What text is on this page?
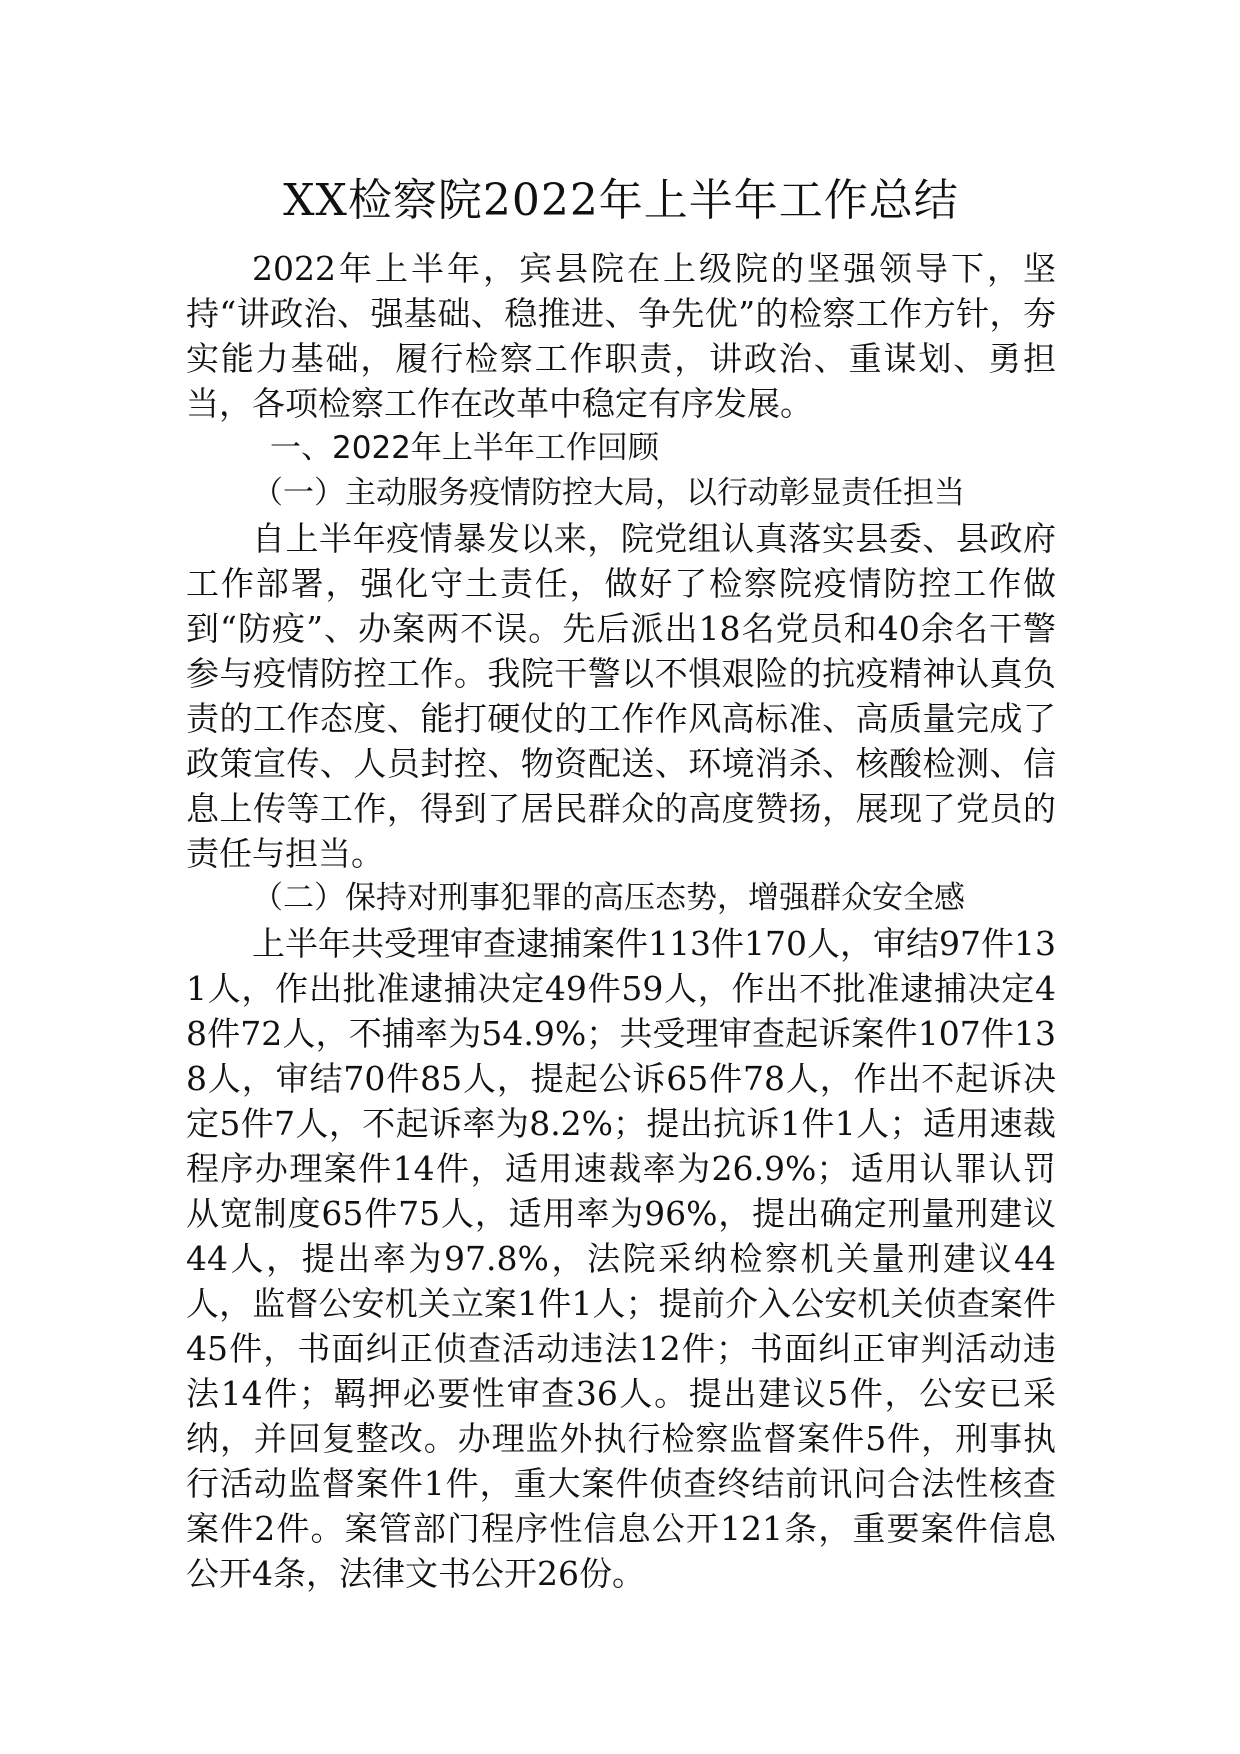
XX检察院2022年上半年工作总结

2022年上半年，宾县院在上级院的坚强领导下，坚持“讲政治、强基础、稳推进、争先优”的检察工作方针，夯实能力基础，履行检察工作职责，讲政治、重谋划、勇担当，各项检察工作在改革中稳定有序发展。

一、2022年上半年工作回顾

（一）主动服务疫情防控大局，以行动彰显责任担当

自上半年疫情暴发以来，院党组认真落实县委、县政府工作部署，强化守土责任，做好了检察院疫情防控工作做到“防疫”、办案两不误。先后派出18名党员和40余名干警参与疫情防控工作。我院干警以不惧艰险的抗疫精神认真负责的工作态度、能打硬仗的工作作风高标准、高质量完成了政策宣传、人员封控、物资配送、环境消杀、核酸检测、信息上传等工作，得到了居民群众的高度赞扬，展现了党员的责任与担当。

（二）保持对刑事犯罪的高压态势，增强群众安全感

上半年共受理审查逮捕案件113件170人，审结97件131人，作出批准逮捕决定49件59人，作出不批准逮捕决定48件72人，不捕率为54.9%；共受理审查起诉案件107件138人，审结70件85人，提起公诉65件78人，作出不起诉决定5件7人，不起诉率为8.2%；提出抗诉1件1人；适用速裁程序办理案件14件，适用速裁率为26.9%；适用认罪认罚从宽制度65件75人，适用率为96%，提出确定刑量刑建议44人，提出率为97.8%，法院采纳检察机关量刑建议44人，监督公安机关立案1件1人；提前介入公安机关侦查案件45件，书面纠正侦查活动违法12件；书面纠正审判活动违法14件；羁押必要性审查36人。提出建议5件，公安已采纳，并回复整改。办理监外执行检察监督案件5件，刑事执行活动监督案件1件，重大案件侦查终结前讯问合法性核查案件2件。案管部门程序性信息公开121条，重要案件信息公开4条，法律文书公开26份。
